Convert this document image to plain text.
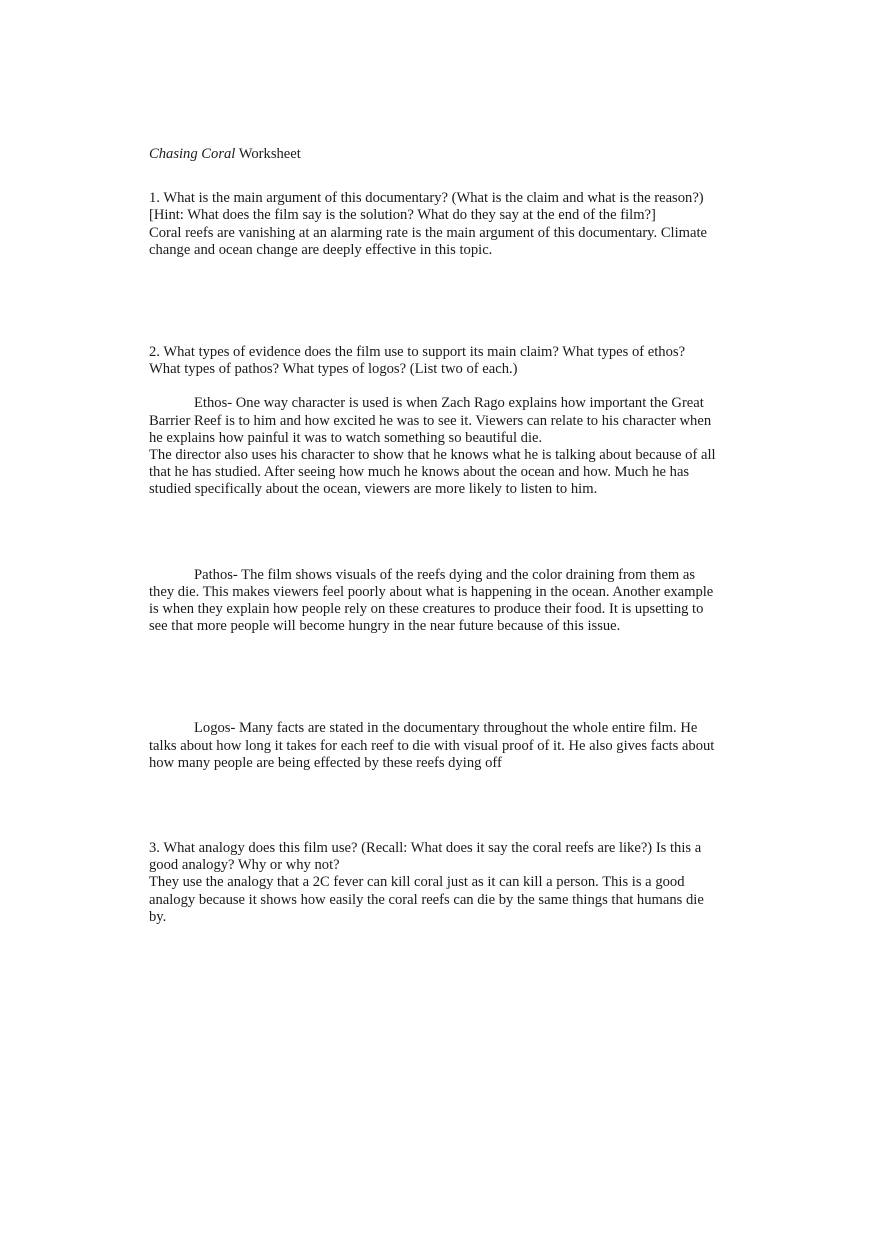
Chasing Coral Worksheet

1. What is the main argument of this documentary? (What is the claim and what is the reason?)
[Hint: What does the film say is the solution? What do they say at the end of the film?]
Coral reefs are vanishing at an alarming rate is the main argument of this documentary. Climate
change and ocean change are deeply effective in this topic.
2. What types of evidence does the film use to support its main claim? What types of ethos?
What types of pathos? What types of logos? (List two of each.)
Ethos- One way character is used is when Zach Rago explains how important the Great
Barrier Reef is to him and how excited he was to see it. Viewers can relate to his character when
he explains how painful it was to watch something so beautiful die.
The director also uses his character to show that he knows what he is talking about because of all
that he has studied. After seeing how much he knows about the ocean and how. Much he has
studied specifically about the ocean, viewers are more likely to listen to him.
Pathos- The film shows visuals of the reefs dying and the color draining from them as
they die. This makes viewers feel poorly about what is happening in the ocean. Another example
is when they explain how people rely on these creatures to produce their food. It is upsetting to
see that more people will become hungry in the near future because of this issue.
Logos- Many facts are stated in the documentary throughout the whole entire film. He
talks about how long it takes for each reef to die with visual proof of it. He also gives facts about
how many people are being effected by these reefs dying off
3. What analogy does this film use? (Recall: What does it say the coral reefs are like?) Is this a
good analogy? Why or why not?
They use the analogy that a 2C fever can kill coral just as it can kill a person. This is a good
analogy because it shows how easily the coral reefs can die by the same things that humans die
by.
